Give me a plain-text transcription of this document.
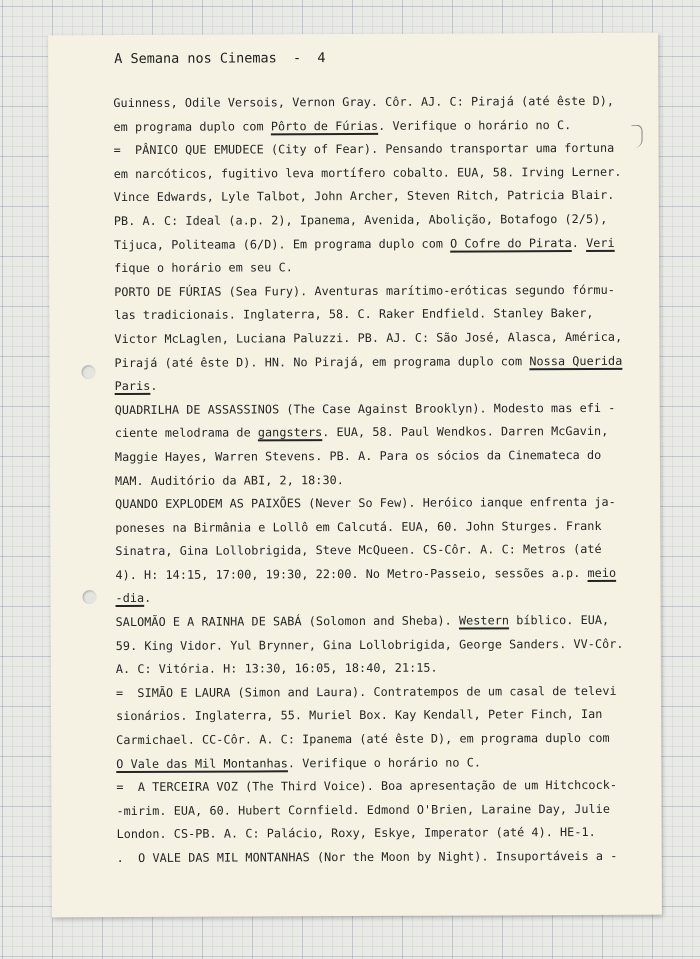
A Semana nos Cinemas  -  4
Guinness, Odile Versois, Vernon Gray. Côr. AJ. C: Pirajá (até êste D),
em programa duplo com Pôrto de Fúrias. Verifique o horário no C.
=  PÂNICO QUE EMUDECE (City of Fear). Pensando transportar uma fortuna
em narcóticos, fugitivo leva mortífero cobalto. EUA, 58. Irving Lerner.
Vince Edwards, Lyle Talbot, John Archer, Steven Ritch, Patricia Blair.
PB. A. C: Ideal (a.p. 2), Ipanema, Avenida, Abolição, Botafogo (2/5),
Tijuca, Politeama (6/D). Em programa duplo com O Cofre do Pirata. Veri
fique o horário em seu C.
PORTO DE FÚRIAS (Sea Fury). Aventuras marítimo-eróticas segundo fórmu-
las tradicionais. Inglaterra, 58. C. Raker Endfield. Stanley Baker,
Victor McLaglen, Luciana Paluzzi. PB. AJ. C: São José, Alasca, América,
Pirajá (até êste D). HN. No Pirajá, em programa duplo com Nossa Querida
Paris.
QUADRILHA DE ASSASSINOS (The Case Against Brooklyn). Modesto mas efi -
ciente melodrama de gangsters. EUA, 58. Paul Wendkos. Darren McGavin,
Maggie Hayes, Warren Stevens. PB. A. Para os sócios da Cinemateca do
MAM. Auditório da ABI, 2, 18:30.
QUANDO EXPLODEM AS PAIXÕES (Never So Few). Heróico ianque enfrenta ja-
poneses na Birmânia e Lollô em Calcutá. EUA, 60. John Sturges. Frank
Sinatra, Gina Lollobrigida, Steve McQueen. CS-Côr. A. C: Metros (até
4). H: 14:15, 17:00, 19:30, 22:00. No Metro-Passeio, sessões a.p. meio
-dia.
SALOMÃO E A RAINHA DE SABÁ (Solomon and Sheba). Western bíblico. EUA,
59. King Vidor. Yul Brynner, Gina Lollobrigida, George Sanders. VV-Côr.
A. C: Vitória. H: 13:30, 16:05, 18:40, 21:15.
=  SIMÃO E LAURA (Simon and Laura). Contratempos de um casal de televi
sionários. Inglaterra, 55. Muriel Box. Kay Kendall, Peter Finch, Ian
Carmichael. CC-Côr. A. C: Ipanema (até êste D), em programa duplo com
O Vale das Mil Montanhas. Verifique o horário no C.
=  A TERCEIRA VOZ (The Third Voice). Boa apresentação de um Hitchcock-
-mirim. EUA, 60. Hubert Cornfield. Edmond O'Brien, Laraine Day, Julie
London. CS-PB. A. C: Palácio, Roxy, Eskye, Imperator (até 4). HE-1.
.  O VALE DAS MIL MONTANHAS (Nor the Moon by Night). Insuportáveis a -
